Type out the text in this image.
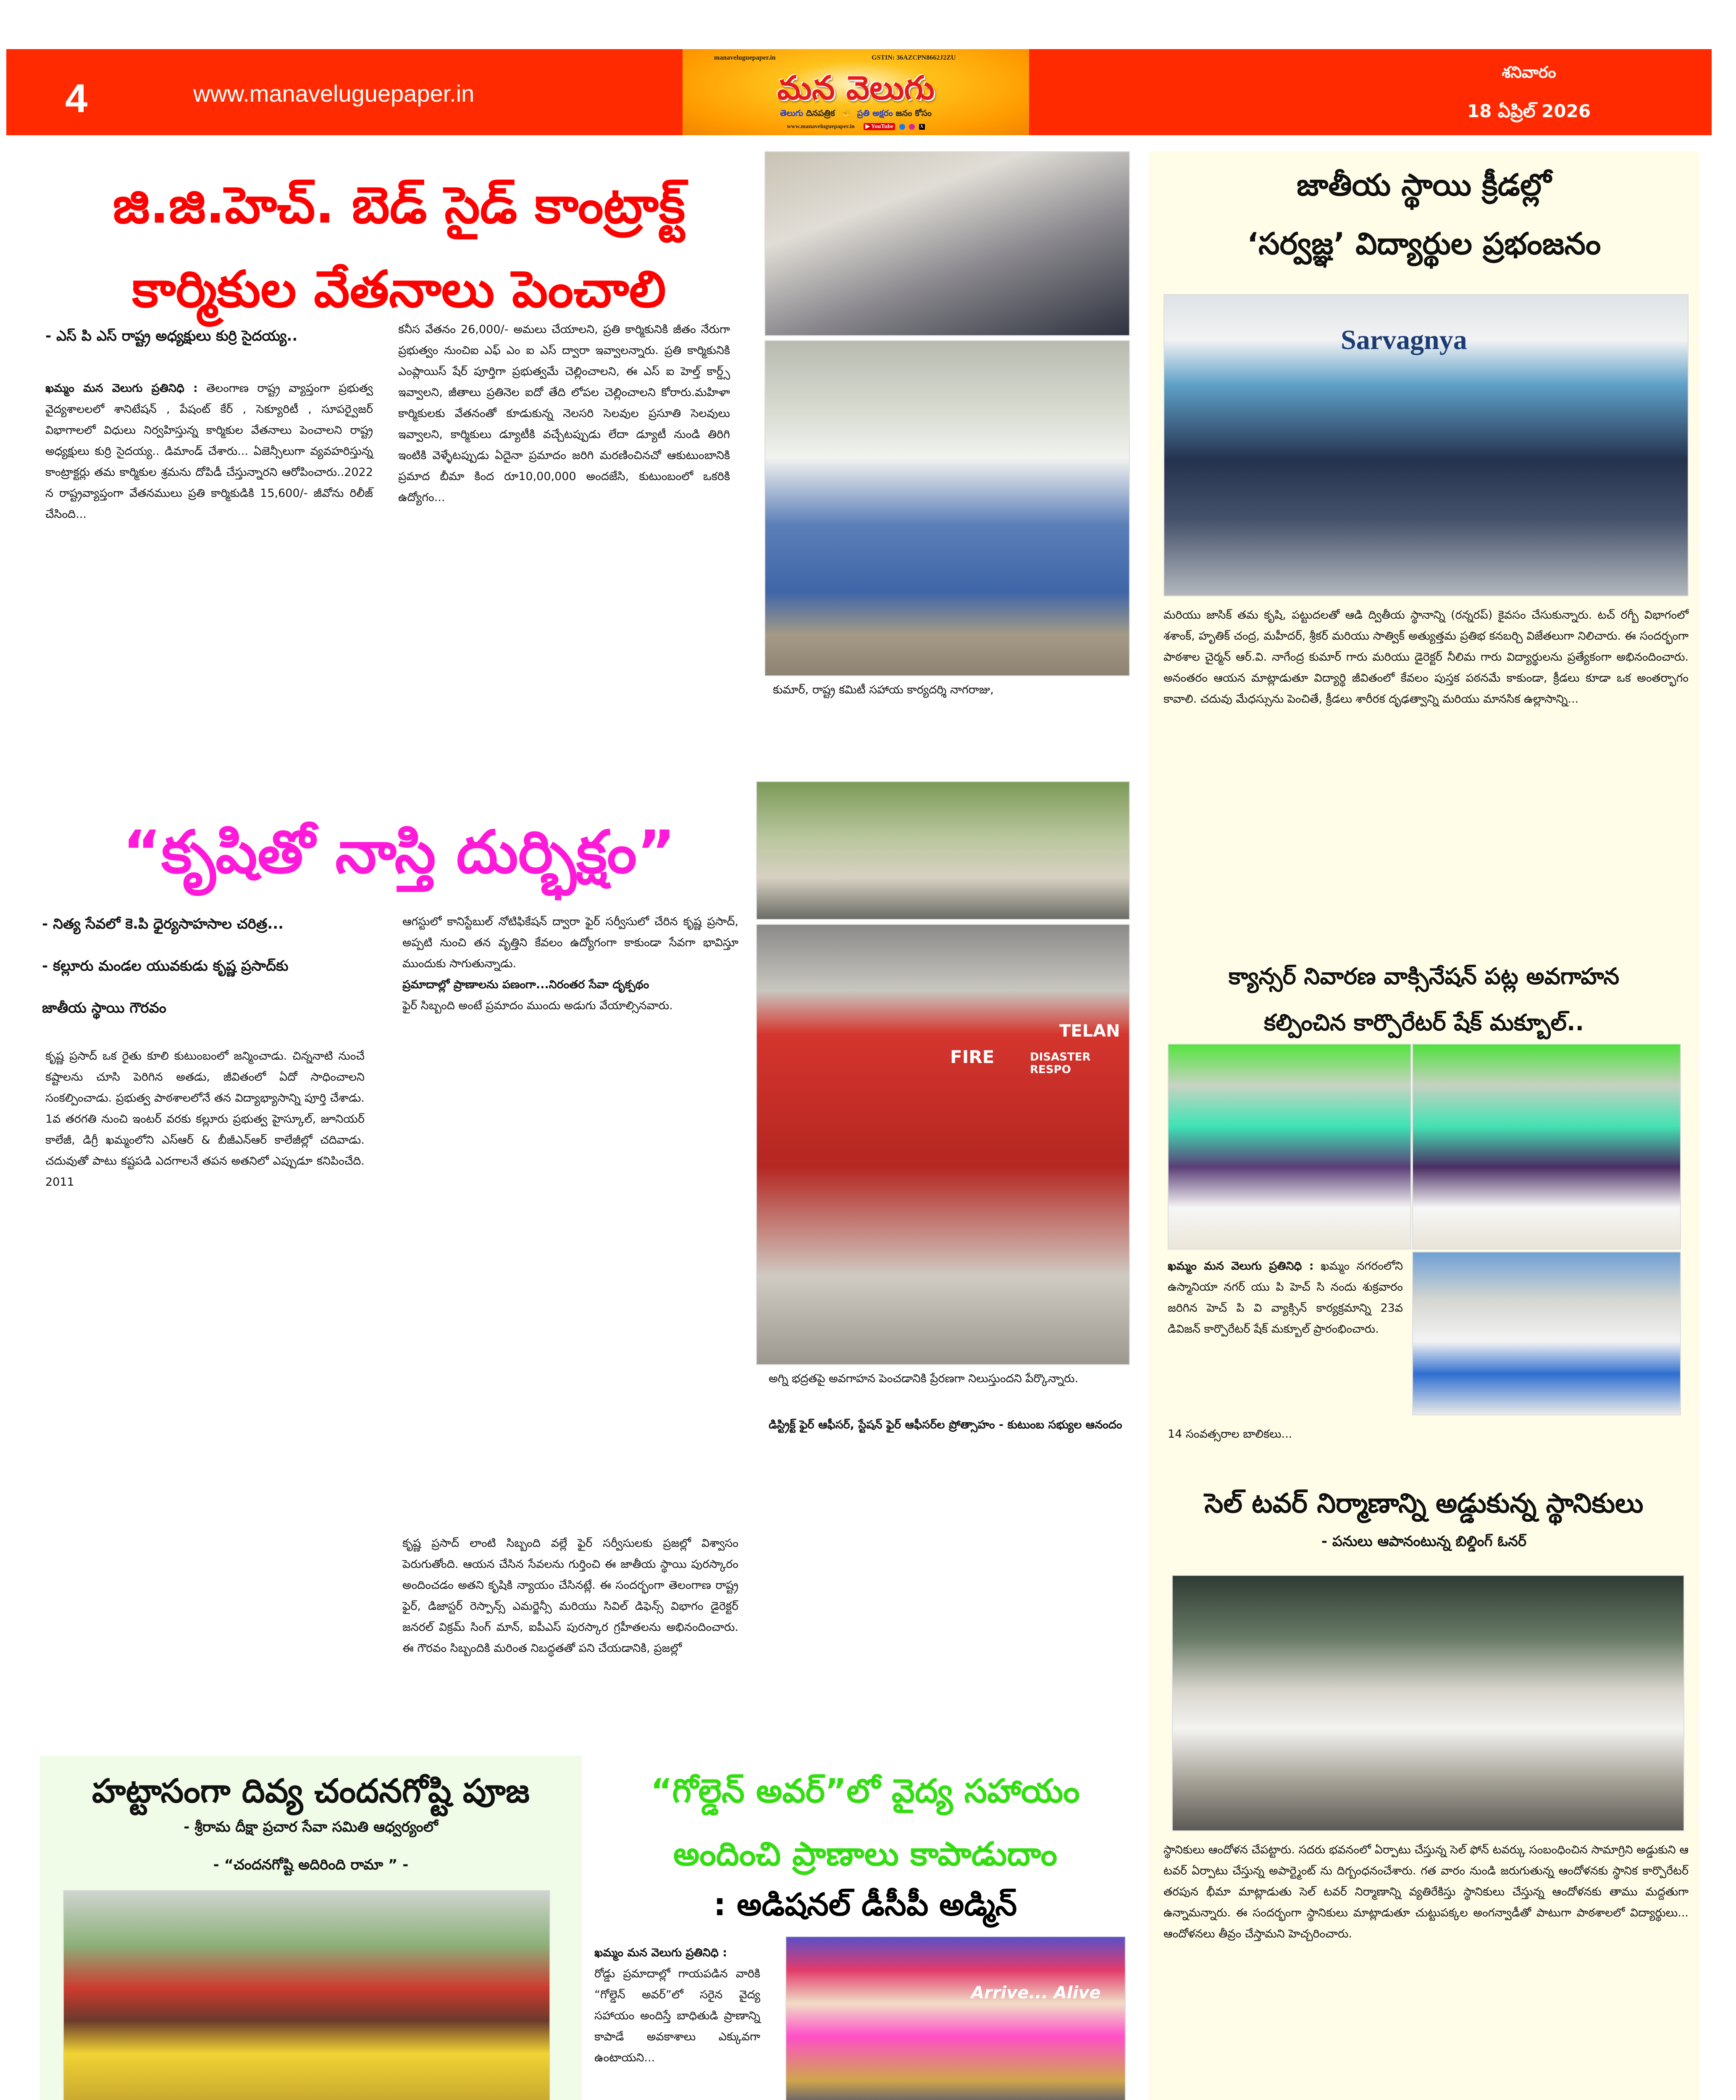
4	www.manaveluguepaper.in
manaveluguepaper.in	GSTIN: 36AZCPN8662J2ZU
మన వెలుగు
తెలుగు దినపత్రిక  ✊  ప్రతి అక్షరం జనం కోసం
www.manaveluguepaper.in ▶ YouTube	X
శనివారం
18 ఏప్రిల్ 2026
జి.జి.హెచ్. బెడ్ సైడ్ కాంట్రాక్ట్
కార్మికుల వేతనాలు పెంచాలి
- ఎస్ పి ఎస్ రాష్ట్ర అధ్యక్షులు కుర్రి సైదయ్య..
ఖమ్మం మన వెలుగు ప్రతినిధి : తెలంగాణ రాష్ట్ర వ్యాప్తంగా ప్రభుత్వ వైద్యశాలలలో శానిటేషన్ , పేషంట్ కేర్ , సెక్యూరిటీ , సూపర్వైజర్ విభాగాలలో విధులు నిర్వహిస్తున్న కార్మికుల వేతనాలు పెంచాలని రాష్ట్ర అధ్యక్షులు కుర్రి సైదయ్య.. డిమాండ్ చేశారు... ఏజెన్సీలుగా వ్యవహరిస్తున్న కాంట్రాక్టర్లు తమ కార్మికుల శ్రమను దోపిడీ చేస్తున్నారని ఆరోపించారు..2022 న రాష్ట్రవ్యాప్తంగా వేతనములు ప్రతి కార్మికుడికి 15,600/- జీవోను రిలీజ్ చేసింది...
కనీస వేతనం 26,000/- అమలు చేయాలని, ప్రతి కార్మికునికి జీతం నేరుగా ప్రభుత్వం నుంచిఐ ఎఫ్ ఎం ఐ ఎస్ ద్వారా ఇవ్వాలన్నారు. ప్రతి కార్మికునికి ఎంప్లాయిస్ షేర్ పూర్తిగా ప్రభుత్వమే చెల్లించాలని, ఈ ఎస్ ఐ హెల్త్ కార్డ్స్ ఇవ్వాలని, జీతాలు ప్రతినెల ఐదో తేది లోపల చెల్లించాలని కోరారు.మహిళా కార్మికులకు వేతనంతో కూడుకున్న నెలసరి సెలవుల ప్రసూతి సెలవులు ఇవ్వాలని, కార్మికులు డ్యూటీకి వచ్చేటప్పుడు లేదా డ్యూటీ నుండి తిరిగి ఇంటికి వెళ్ళేటప్పుడు ఏదైనా ప్రమాదం జరిగి మరణించినచో ఆకుటుంబానికి ప్రమాద బీమా కింద రూ10,00,000 అందజేసి, కుటుంబంలో ఒకరికి ఉద్యోగం...
కుమార్, రాష్ట్ర కమిటీ సహాయ కార్యదర్శి నాగరాజు,
“కృషితో నాస్తి దుర్భిక్షం”
- నిత్య సేవలో కె.పి ధైర్యసాహసాల చరిత్ర...
- కల్లూరు మండల యువకుడు కృష్ణ ప్రసాద్‌కు
జాతీయ స్థాయి గౌరవం
కృష్ణ ప్రసాద్ ఒక రైతు కూలి కుటుంబంలో జన్మించాడు. చిన్ననాటి నుంచే కష్టాలను చూసి పెరిగిన అతడు, జీవితంలో ఏదో సాధించాలని సంకల్పించాడు. ప్రభుత్వ పాఠశాలలోనే తన విద్యాభ్యాసాన్ని పూర్తి చేశాడు. 1వ తరగతి నుంచి ఇంటర్ వరకు కల్లూరు ప్రభుత్వ హైస్కూల్, జూనియర్ కాలేజీ, డిగ్రీ ఖమ్మంలోని ఎస్ఆర్ & బీజీఎన్ఆర్ కాలేజీల్లో చదివాడు. చదువుతో పాటు కష్టపడి ఎదగాలనే తపన అతనిలో ఎప్పుడూ కనిపించేది. 2011
ఆగస్టులో కానిస్టేబుల్ నోటిఫికేషన్ ద్వారా ఫైర్ సర్వీసులో చేరిన కృష్ణ ప్రసాద్, అప్పటి నుంచి తన వృత్తిని కేవలం ఉద్యోగంగా కాకుండా సేవగా భావిస్తూ ముందుకు సాగుతున్నాడు.
ప్రమాదాల్లో ప్రాణాలను పణంగా...నిరంతర సేవా దృక్పథం
ఫైర్ సిబ్బంది అంటే ప్రమాదం ముందు అడుగు వేయాల్సినవారు.
కృష్ణ ప్రసాద్ లాంటి సిబ్బంది వల్లే ఫైర్ సర్వీసులకు ప్రజల్లో విశ్వాసం పెరుగుతోంది. ఆయన చేసిన సేవలను గుర్తించి ఈ జాతీయ స్థాయి పురస్కారం అందించడం అతని కృషికి న్యాయం చేసినట్లే. ఈ సందర్భంగా తెలంగాణ రాష్ట్ర ఫైర్, డిజాస్టర్ రెస్పాన్స్ ఎమర్జెన్సీ మరియు సివిల్ డిఫెన్స్ విభాగం డైరెక్టర్ జనరల్ విక్రమ్ సింగ్ మాన్, ఐపీఎస్ పురస్కార గ్రహీతలను అభినందించారు. ఈ గౌరవం సిబ్బందికి మరింత నిబద్ధతతో పని చేయడానికి, ప్రజల్లో
TELAN
DISASTER RESPO
FIRE
అగ్ని భద్రతపై అవగాహన పెంచడానికి ప్రేరణగా నిలుస్తుందని పేర్కొన్నారు.
డిస్ట్రిక్ట్ ఫైర్ ఆఫీసర్, స్టేషన్ ఫైర్ ఆఫీసర్‌ల ప్రోత్సాహం - కుటుంబ సభ్యుల ఆనందం
జాతీయ స్థాయి క్రీడల్లో
‘సర్వజ్ఞ’ విద్యార్థుల ప్రభంజనం
Sarvagnya
మరియు జాసిక్ తమ కృషి, పట్టుదలతో ఆడి ద్వితీయ స్థానాన్ని (రన్నరప్) కైవసం చేసుకున్నారు. టచ్ రగ్బీ విభాగంలో శశాంక్, హృతిక్ చంద్ర, మహీదర్, శ్రీకర్ మరియు సాత్విక్ అత్యుత్తమ ప్రతిభ కనబర్చి విజేతలుగా నిలిచారు. ఈ సందర్భంగా పాఠశాల చైర్మన్ ఆర్.వి. నాగేంద్ర కుమార్ గారు మరియు డైరెక్టర్ నీలిమ గారు విద్యార్థులను ప్రత్యేకంగా అభినందించారు. అనంతరం ఆయన మాట్లాడుతూ విద్యార్థి జీవితంలో కేవలం పుస్తక పఠనమే కాకుండా, క్రీడలు కూడా ఒక అంతర్భాగం కావాలి. చదువు మేధస్సును పెంచితే, క్రీడలు శారీరక దృఢత్వాన్ని మరియు మానసిక ఉల్లాసాన్ని...
క్యాన్సర్ నివారణ వాక్సినేషన్ పట్ల అవగాహన
కల్పించిన కార్పొరేటర్ షేక్ మక్బూల్..
ఖమ్మం మన వెలుగు ప్రతినిధి : ఖమ్మం నగరంలోని ఉస్మానియా నగర్ యు పి హెచ్ సి నందు శుక్రవారం జరిగిన హెచ్ పి వి వ్యాక్సిన్ కార్యక్రమాన్ని 23వ డివిజన్ కార్పొరేటర్ షేక్ మక్బూల్ ప్రారంభించారు.
14 సంవత్సరాల బాలికలు...
సెల్ టవర్ నిర్మాణాన్ని అడ్డుకున్న స్థానికులు
- పనులు ఆపానంటున్న బిల్డింగ్ ఓనర్
స్థానికులు ఆందోళన చేపట్టారు. సదరు భవనంలో ఏర్పాటు చేస్తున్న సెల్ ఫోన్ టవర్కు సంబంధించిన సామాగ్రిని అడ్డుకుని ఆ టవర్ ఏర్పాటు చేస్తున్న అపార్ట్మెంట్ ను దిగ్బంధనంచేశారు. గత వారం నుండి జరుగుతున్న ఆందోళనకు స్థానిక కార్పొరేటర్ తరపున భీమా మాట్లాడుతు సెల్ టవర్ నిర్మాణాన్ని వ్యతిరేకిస్తు స్థానికులు చేస్తున్న ఆందోళనకు తాము మద్దతుగా ఉన్నామన్నారు. ఈ సందర్భంగా స్థానికులు మాట్లాడుతూ చుట్టుపక్కల అంగన్వాడీతో పాటుగా పాఠశాలలో విద్యార్థులు... ఆందోళనలు తీవ్రం చేస్తామని హెచ్చరించారు.
హట్టాసంగా దివ్య చందనగోష్టి పూజ
- శ్రీరామ దీక్షా ప్రచార సేవా సమితి ఆధ్వర్యంలో
- “చందనగోష్టి అదిరింది రామా ” -
“గోల్డెన్ అవర్”లో వైద్య సహాయం
అందించి ప్రాణాలు కాపాడుదాం
: అడిషనల్ డీసీపీ అడ్మిన్
ఖమ్మం మన వెలుగు ప్రతినిధి :
రోడ్డు ప్రమాదాల్లో గాయపడిన వారికి “గోల్డెన్ అవర్”లో సరైన వైద్య సహాయం అందిస్తే బాధితుడి ప్రాణాన్ని కాపాడే అవకాశాలు ఎక్కువగా ఉంటాయని...
Arrive... Alive
